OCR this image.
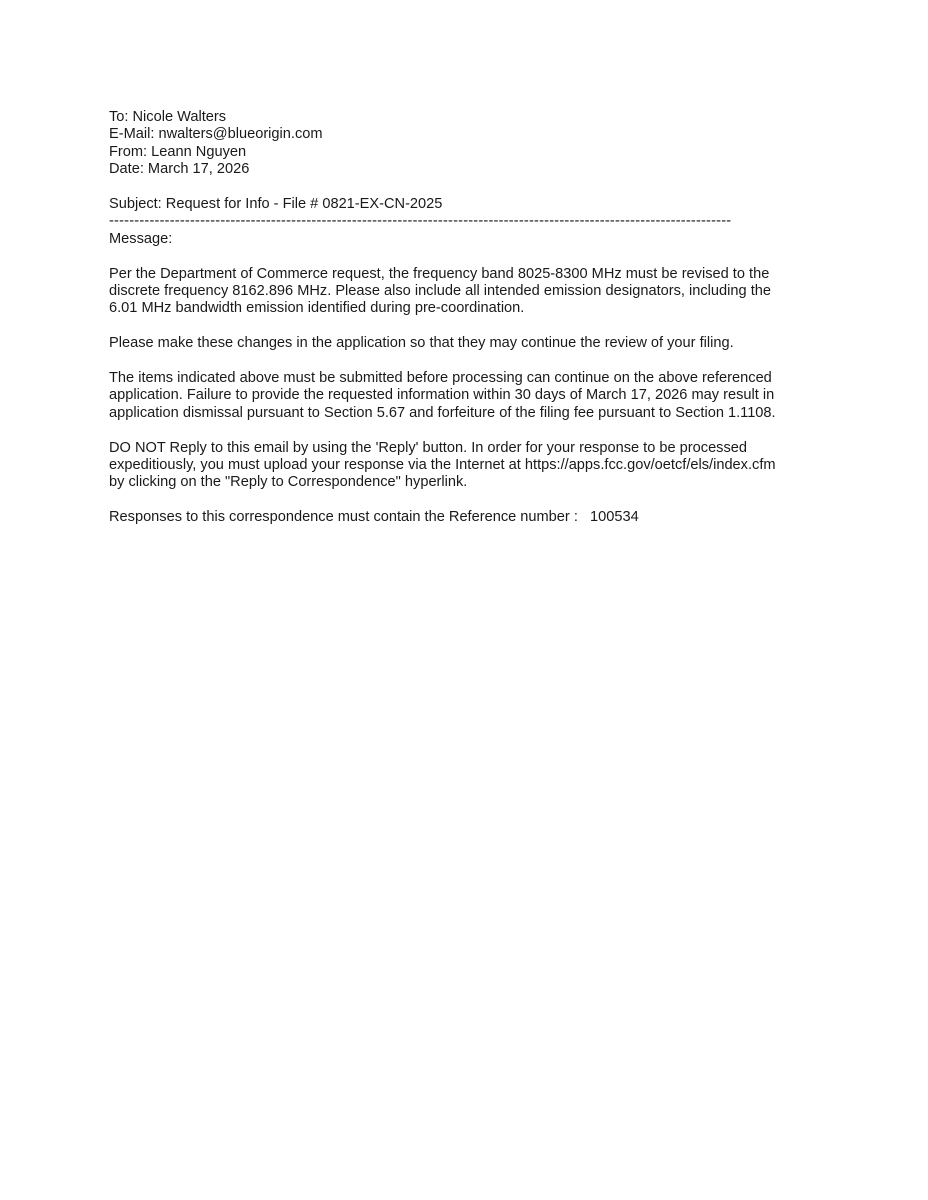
To: Nicole Walters
E-Mail: nwalters@blueorigin.com
From: Leann Nguyen
Date: March 17, 2026
Subject: Request for Info - File # 0821-EX-CN-2025
---------------------------------------------------------------------------------------------------------------------------
Message:
Per the Department of Commerce request, the frequency band 8025-8300 MHz must be revised to the
discrete frequency 8162.896 MHz. Please also include all intended emission designators, including the
6.01 MHz bandwidth emission identified during pre-coordination.
Please make these changes in the application so that they may continue the review of your filing.
The items indicated above must be submitted before processing can continue on the above referenced
application. Failure to provide the requested information within 30 days of March 17, 2026 may result in
application dismissal pursuant to Section 5.67 and forfeiture of the filing fee pursuant to Section 1.1108.
DO NOT Reply to this email by using the 'Reply' button. In order for your response to be processed
expeditiously, you must upload your response via the Internet at https://apps.fcc.gov/oetcf/els/index.cfm
by clicking on the "Reply to Correspondence" hyperlink.
Responses to this correspondence must contain the Reference number :   100534
